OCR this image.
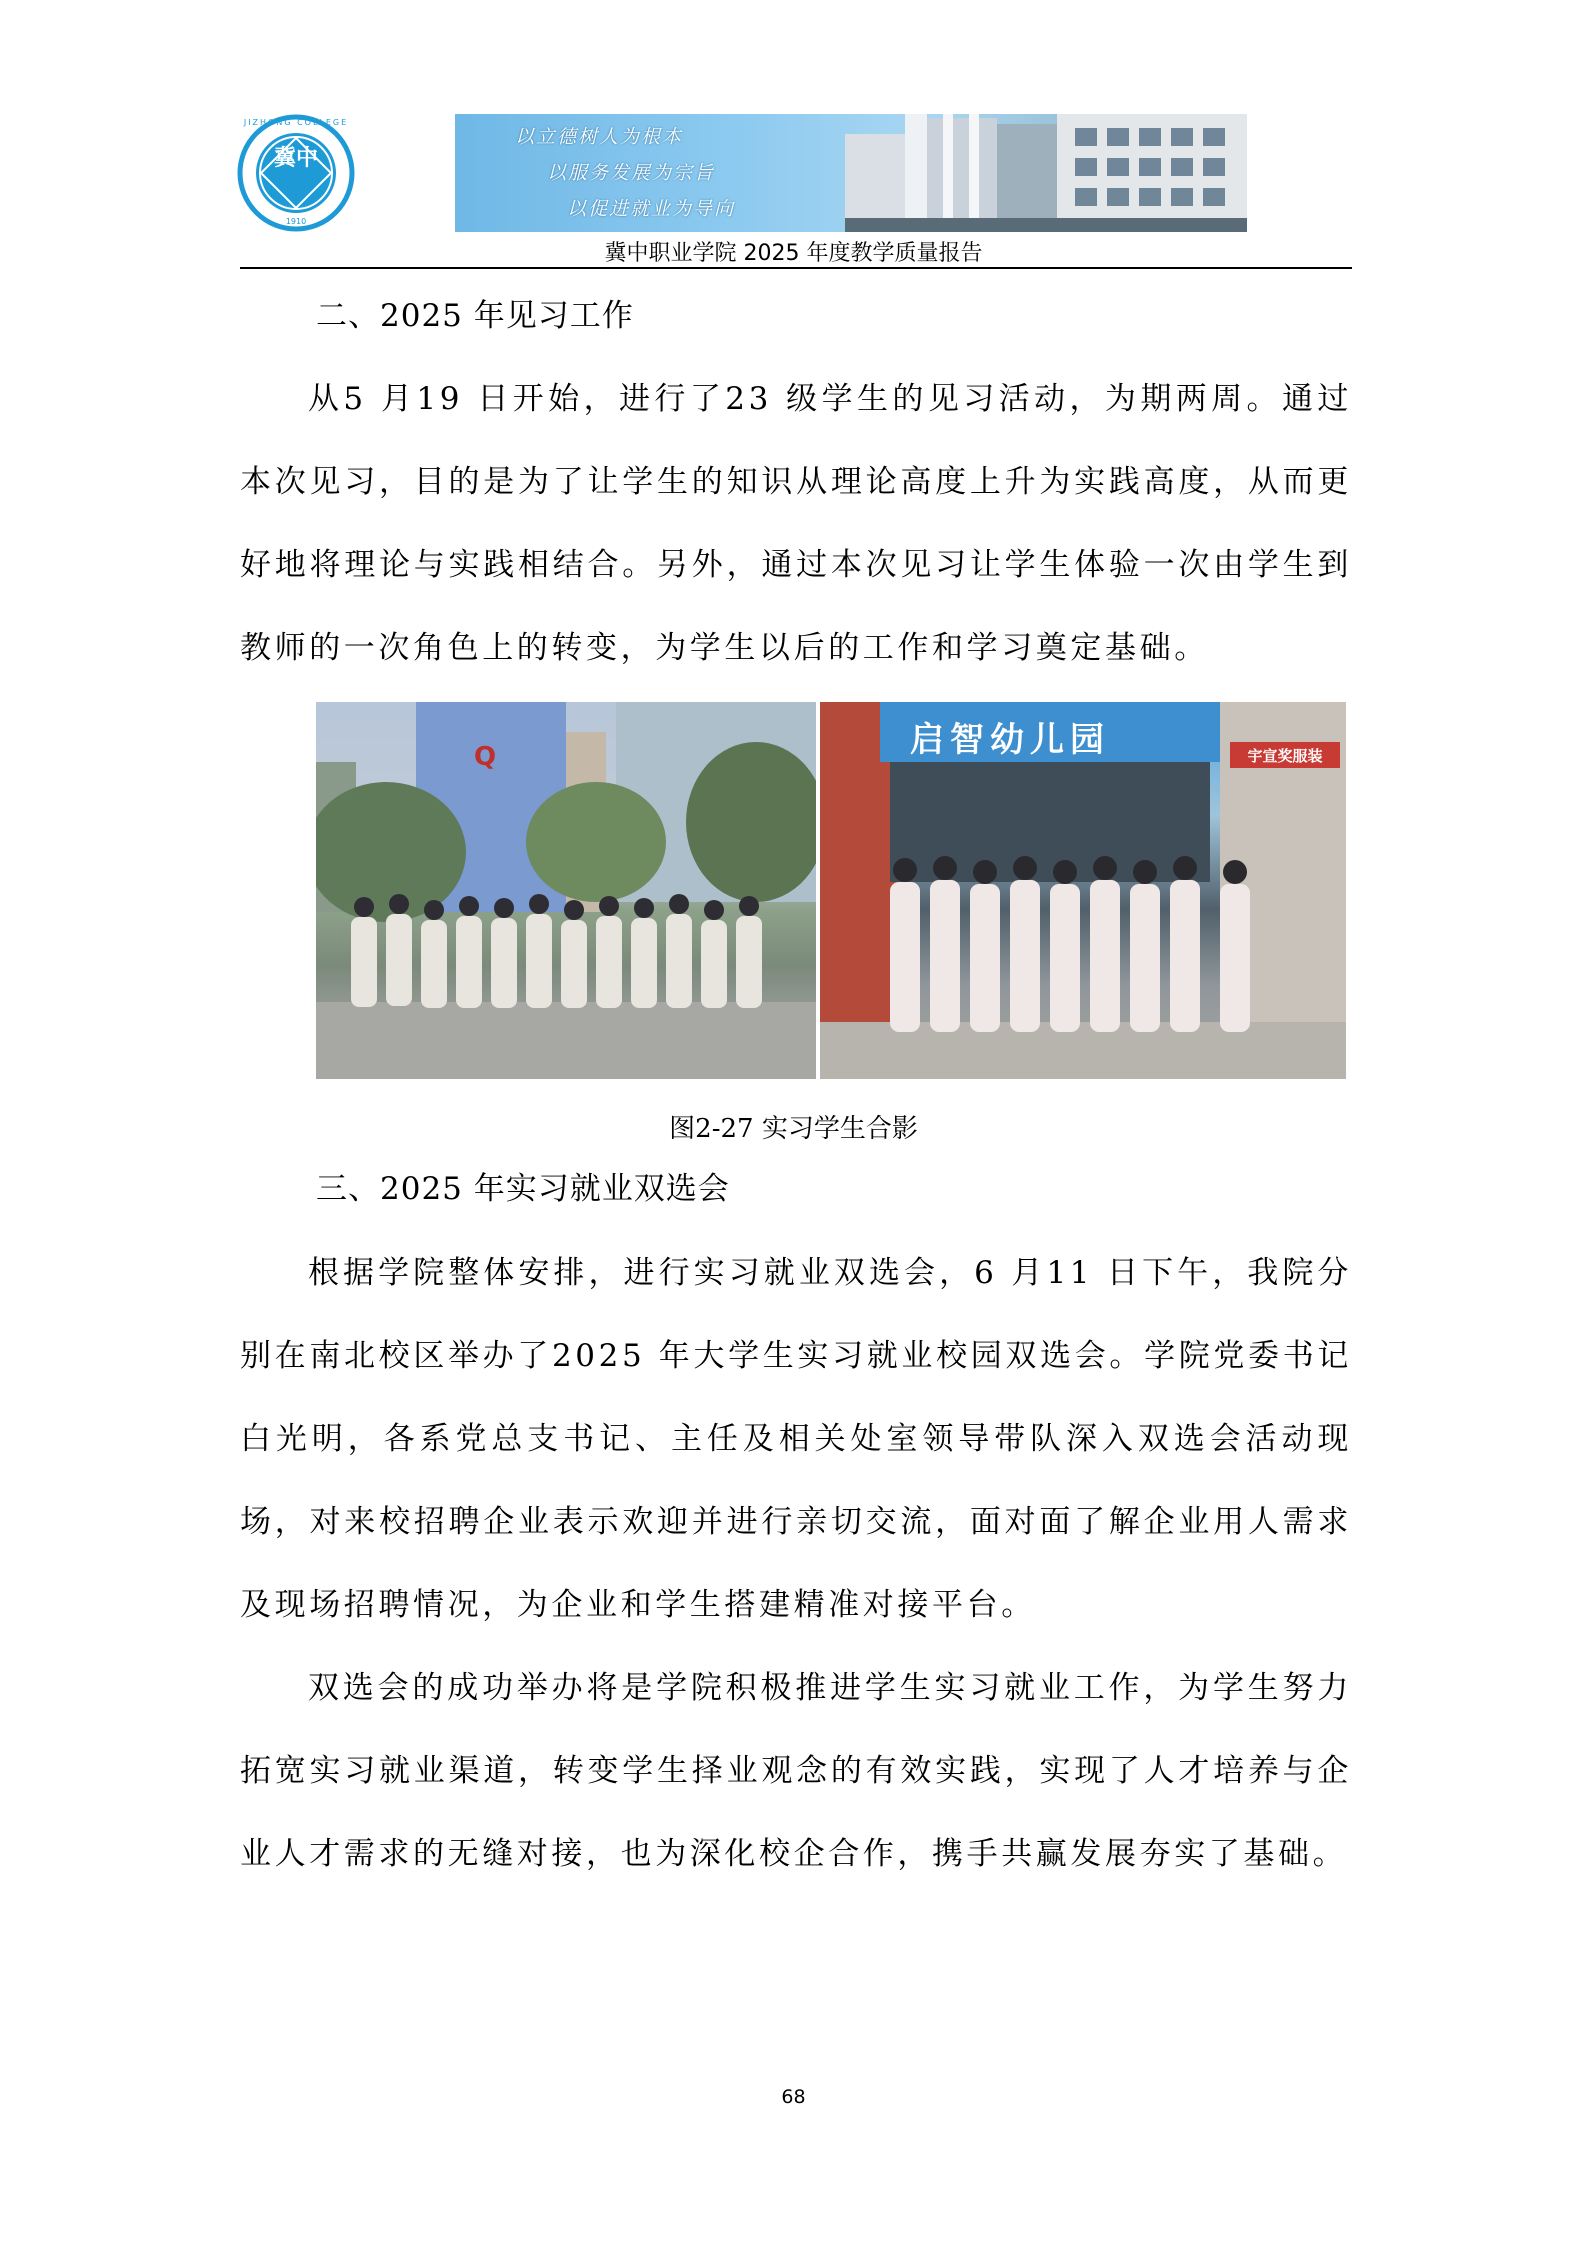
冀中
JIZHONG COLLEGE
1910
以立德树人为根本
以服务发展为宗旨
以促进就业为导向
冀中职业学院 2025 年度教学质量报告
二、2025 年见习工作
从5 月19 日开始，进行了23 级学生的见习活动，为期两周。通过本次见习，目的是为了让学生的知识从理论高度上升为实践高度，从而更好地将理论与实践相结合。另外，通过本次见习让学生体验一次由学生到教师的一次角色上的转变，为学生以后的工作和学习奠定基础。
Q	启智幼儿园	宇宣奖服装
图2-27 实习学生合影
三、2025 年实习就业双选会
根据学院整体安排，进行实习就业双选会，6 月11 日下午，我院分别在南北校区举办了2025 年大学生实习就业校园双选会。学院党委书记白光明，各系党总支书记、主任及相关处室领导带队深入双选会活动现场，对来校招聘企业表示欢迎并进行亲切交流，面对面了解企业用人需求及现场招聘情况，为企业和学生搭建精准对接平台。
双选会的成功举办将是学院积极推进学生实习就业工作，为学生努力拓宽实习就业渠道，转变学生择业观念的有效实践，实现了人才培养与企业人才需求的无缝对接，也为深化校企合作，携手共赢发展夯实了基础。
68
